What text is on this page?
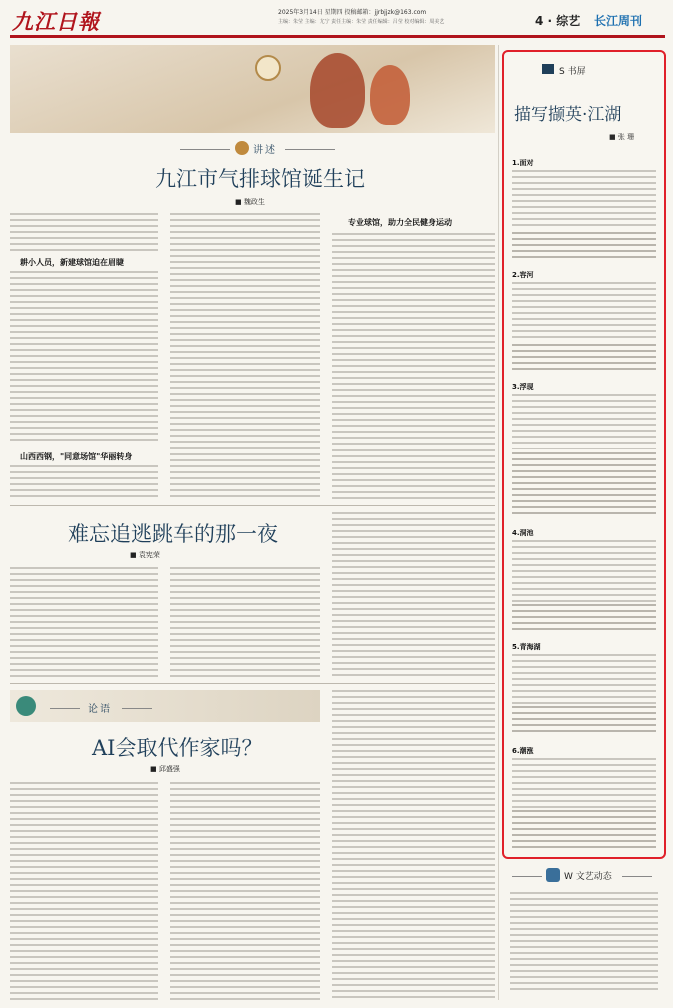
九江日報	2025年3月14日 星期四 投稿邮箱：jjrbjjzk@163.com
主编：朱莹 主编：尤宁 责任主编：朱莹 责任编辑：吕莹 校对编辑：周美艺	4 · 综艺 长江周刊
讲述
九江市气排球馆诞生记
■ 魏政生
耕小人员，新建球馆迫在眉睫
山西西钢，"同意场馆"华丽转身
专业球馆，助力全民健身运动
难忘追逃跳车的那一夜
■ 袁宪荣
论语
AI会取代作家吗？
■ 邱盛强
S 书屏
描写撷英·江湖
■ 张 珊
1.面对
2.容河
3.浮现
4.洞池
5.青海湖
6.潮涨
W 文艺动态
